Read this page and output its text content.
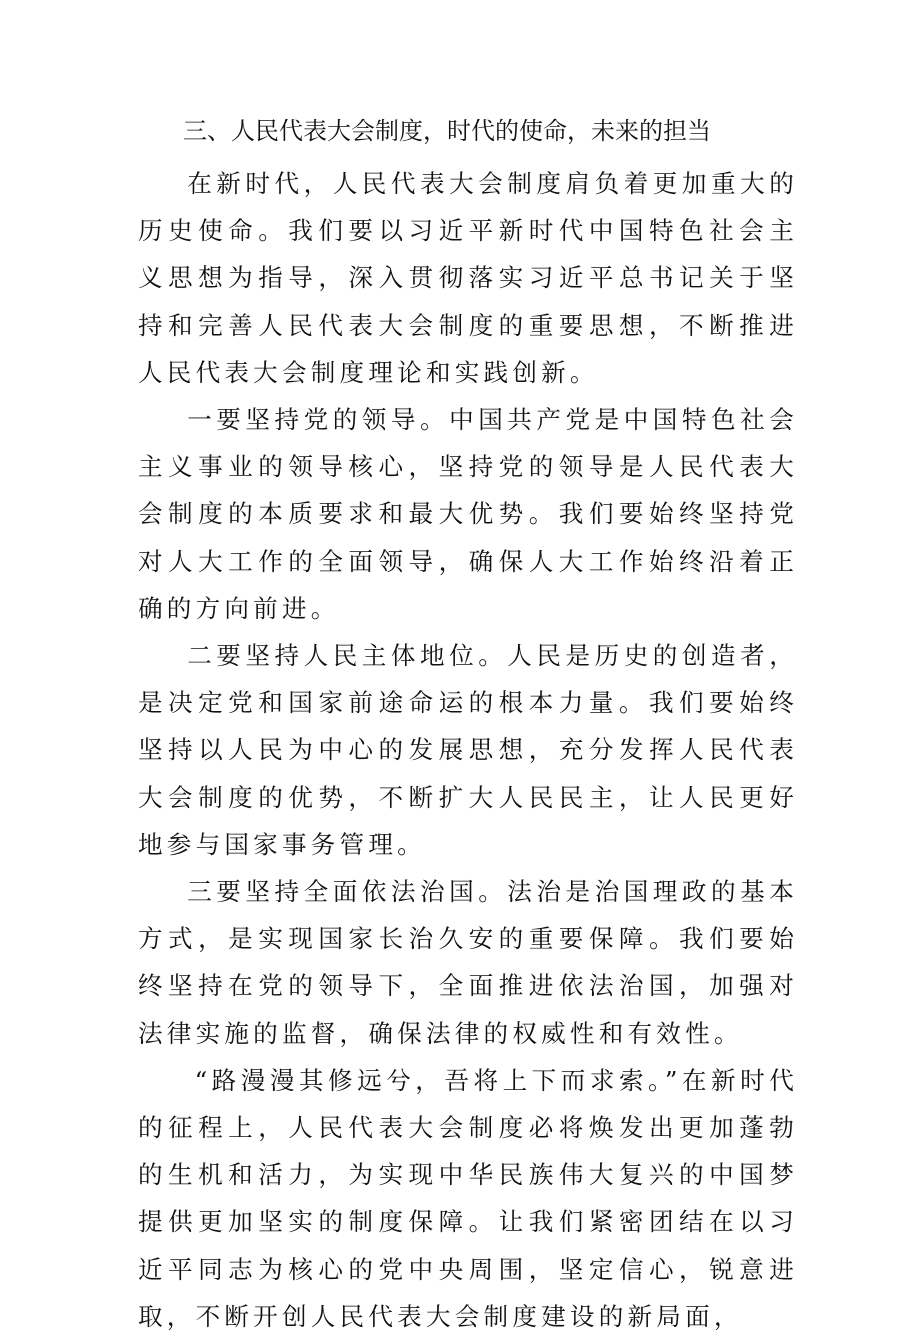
三、人民代表大会制度，时代的使命，未来的担当

在新时代，人民代表大会制度肩负着更加重大的历史使命。我们要以习近平新时代中国特色社会主义思想为指导，深入贯彻落实习近平总书记关于坚持和完善人民代表大会制度的重要思想，不断推进人民代表大会制度理论和实践创新。

一要坚持党的领导。中国共产党是中国特色社会主义事业的领导核心，坚持党的领导是人民代表大会制度的本质要求和最大优势。我们要始终坚持党对人大工作的全面领导，确保人大工作始终沿着正确的方向前进。

二要坚持人民主体地位。人民是历史的创造者，是决定党和国家前途命运的根本力量。我们要始终坚持以人民为中心的发展思想，充分发挥人民代表大会制度的优势，不断扩大人民民主，让人民更好地参与国家事务管理。

三要坚持全面依法治国。法治是治国理政的基本方式，是实现国家长治久安的重要保障。我们要始终坚持在党的领导下，全面推进依法治国，加强对法律实施的监督，确保法律的权威性和有效性。

“路漫漫其修远兮，吾将上下而求索。”在新时代的征程上，人民代表大会制度必将焕发出更加蓬勃的生机和活力，为实现中华民族伟大复兴的中国梦提供更加坚实的制度保障。让我们紧密团结在以习近平同志为核心的党中央周围，坚定信心，锐意进取，不断开创人民代表大会制度建设的新局面，
